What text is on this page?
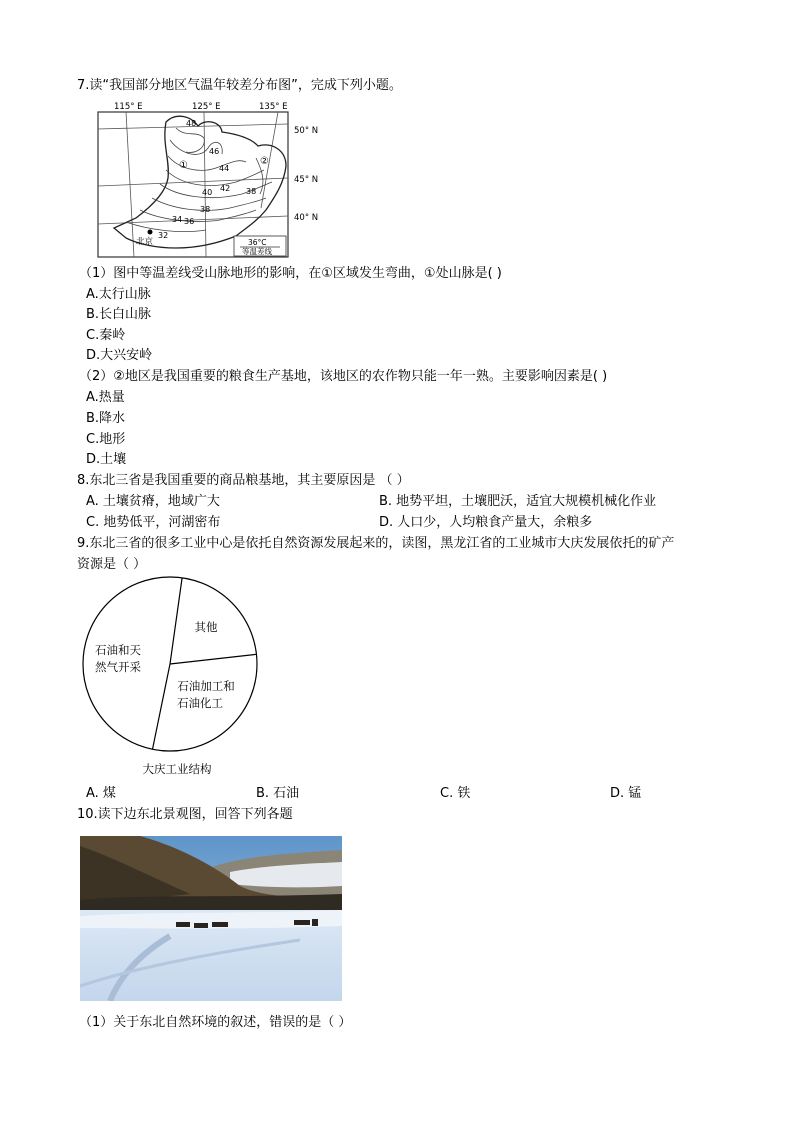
7.读“我国部分地区气温年较差分布图”，完成下列小题。
115° E	125° E	135° E
50° N
45° N
40° N
48
46
44
42
40
38
36
34
32
38
①	②
北京	36°C
等温差线
（1）图中等温差线受山脉地形的影响，在①区域发生弯曲，①处山脉是( )
A.太行山脉
B.长白山脉
C.秦岭
D.大兴安岭
（2）②地区是我国重要的粮食生产基地，该地区的农作物只能一年一熟。主要影响因素是( )
A.热量
B.降水
C.地形
D.土壤
8.东北三省是我国重要的商品粮基地，其主要原因是 （ ）
A. 土壤贫瘠，地域广大	B. 地势平坦，土壤肥沃，适宜大规模机械化作业
C. 地势低平，河湖密布	D. 人口少，人均粮食产量大，余粮多
9.东北三省的很多工业中心是依托自然资源发展起来的，读图，黑龙江省的工业城市大庆发展依托的矿产
资源是（ ）
石油和天
然气开采
其他
石油加工和
石油化工
大庆工业结构
A. 煤	B. 石油	C. 铁	D. 锰
10.读下边东北景观图，回答下列各题
（1）关于东北自然环境的叙述，错误的是（ ）
